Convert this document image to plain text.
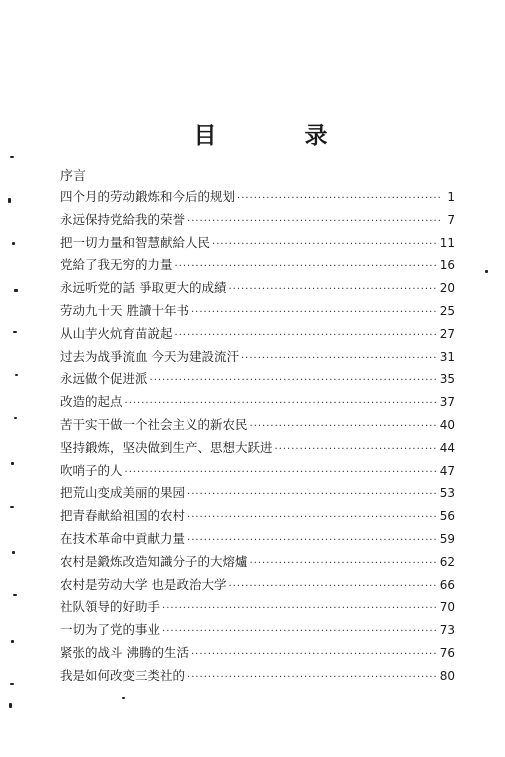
目 录
序言
四个月的劳动鍛炼和今后的规划 ·····	1
永远保持党給我的荣誉 ·····	7
把一切力量和智慧献給人民 ·····	11
党給了我无穷的力量 ·····	16
永远听党的話 爭取更大的成績 ·····	20
劳动九十天 胜讀十年书 ·····	25
从山芋火炕育苗說起 ·····	27
过去为战爭流血 今天为建設流汗 ·····	31
永远做个促进派 ·····	35
改造的起点 ·····	37
苦干实干做一个社会主义的新农民 ·····	40
坚持鍛炼，坚决做到生产、思想大跃进 ·····	44
吹哨子的人 ·····	47
把荒山变成美丽的果园 ·····	53
把青春献給祖国的农村 ·····	56
在技术革命中貢献力量 ·····	59
农村是鍛炼改造知識分子的大熔爐 ·····	62
农村是劳动大学 也是政治大学 ·····	66
社队領导的好助手 ·····	70
一切为了党的事业 ·····	73
紧张的战斗 沸腾的生活 ·····	76
我是如何改变三类社的 ·····	80
